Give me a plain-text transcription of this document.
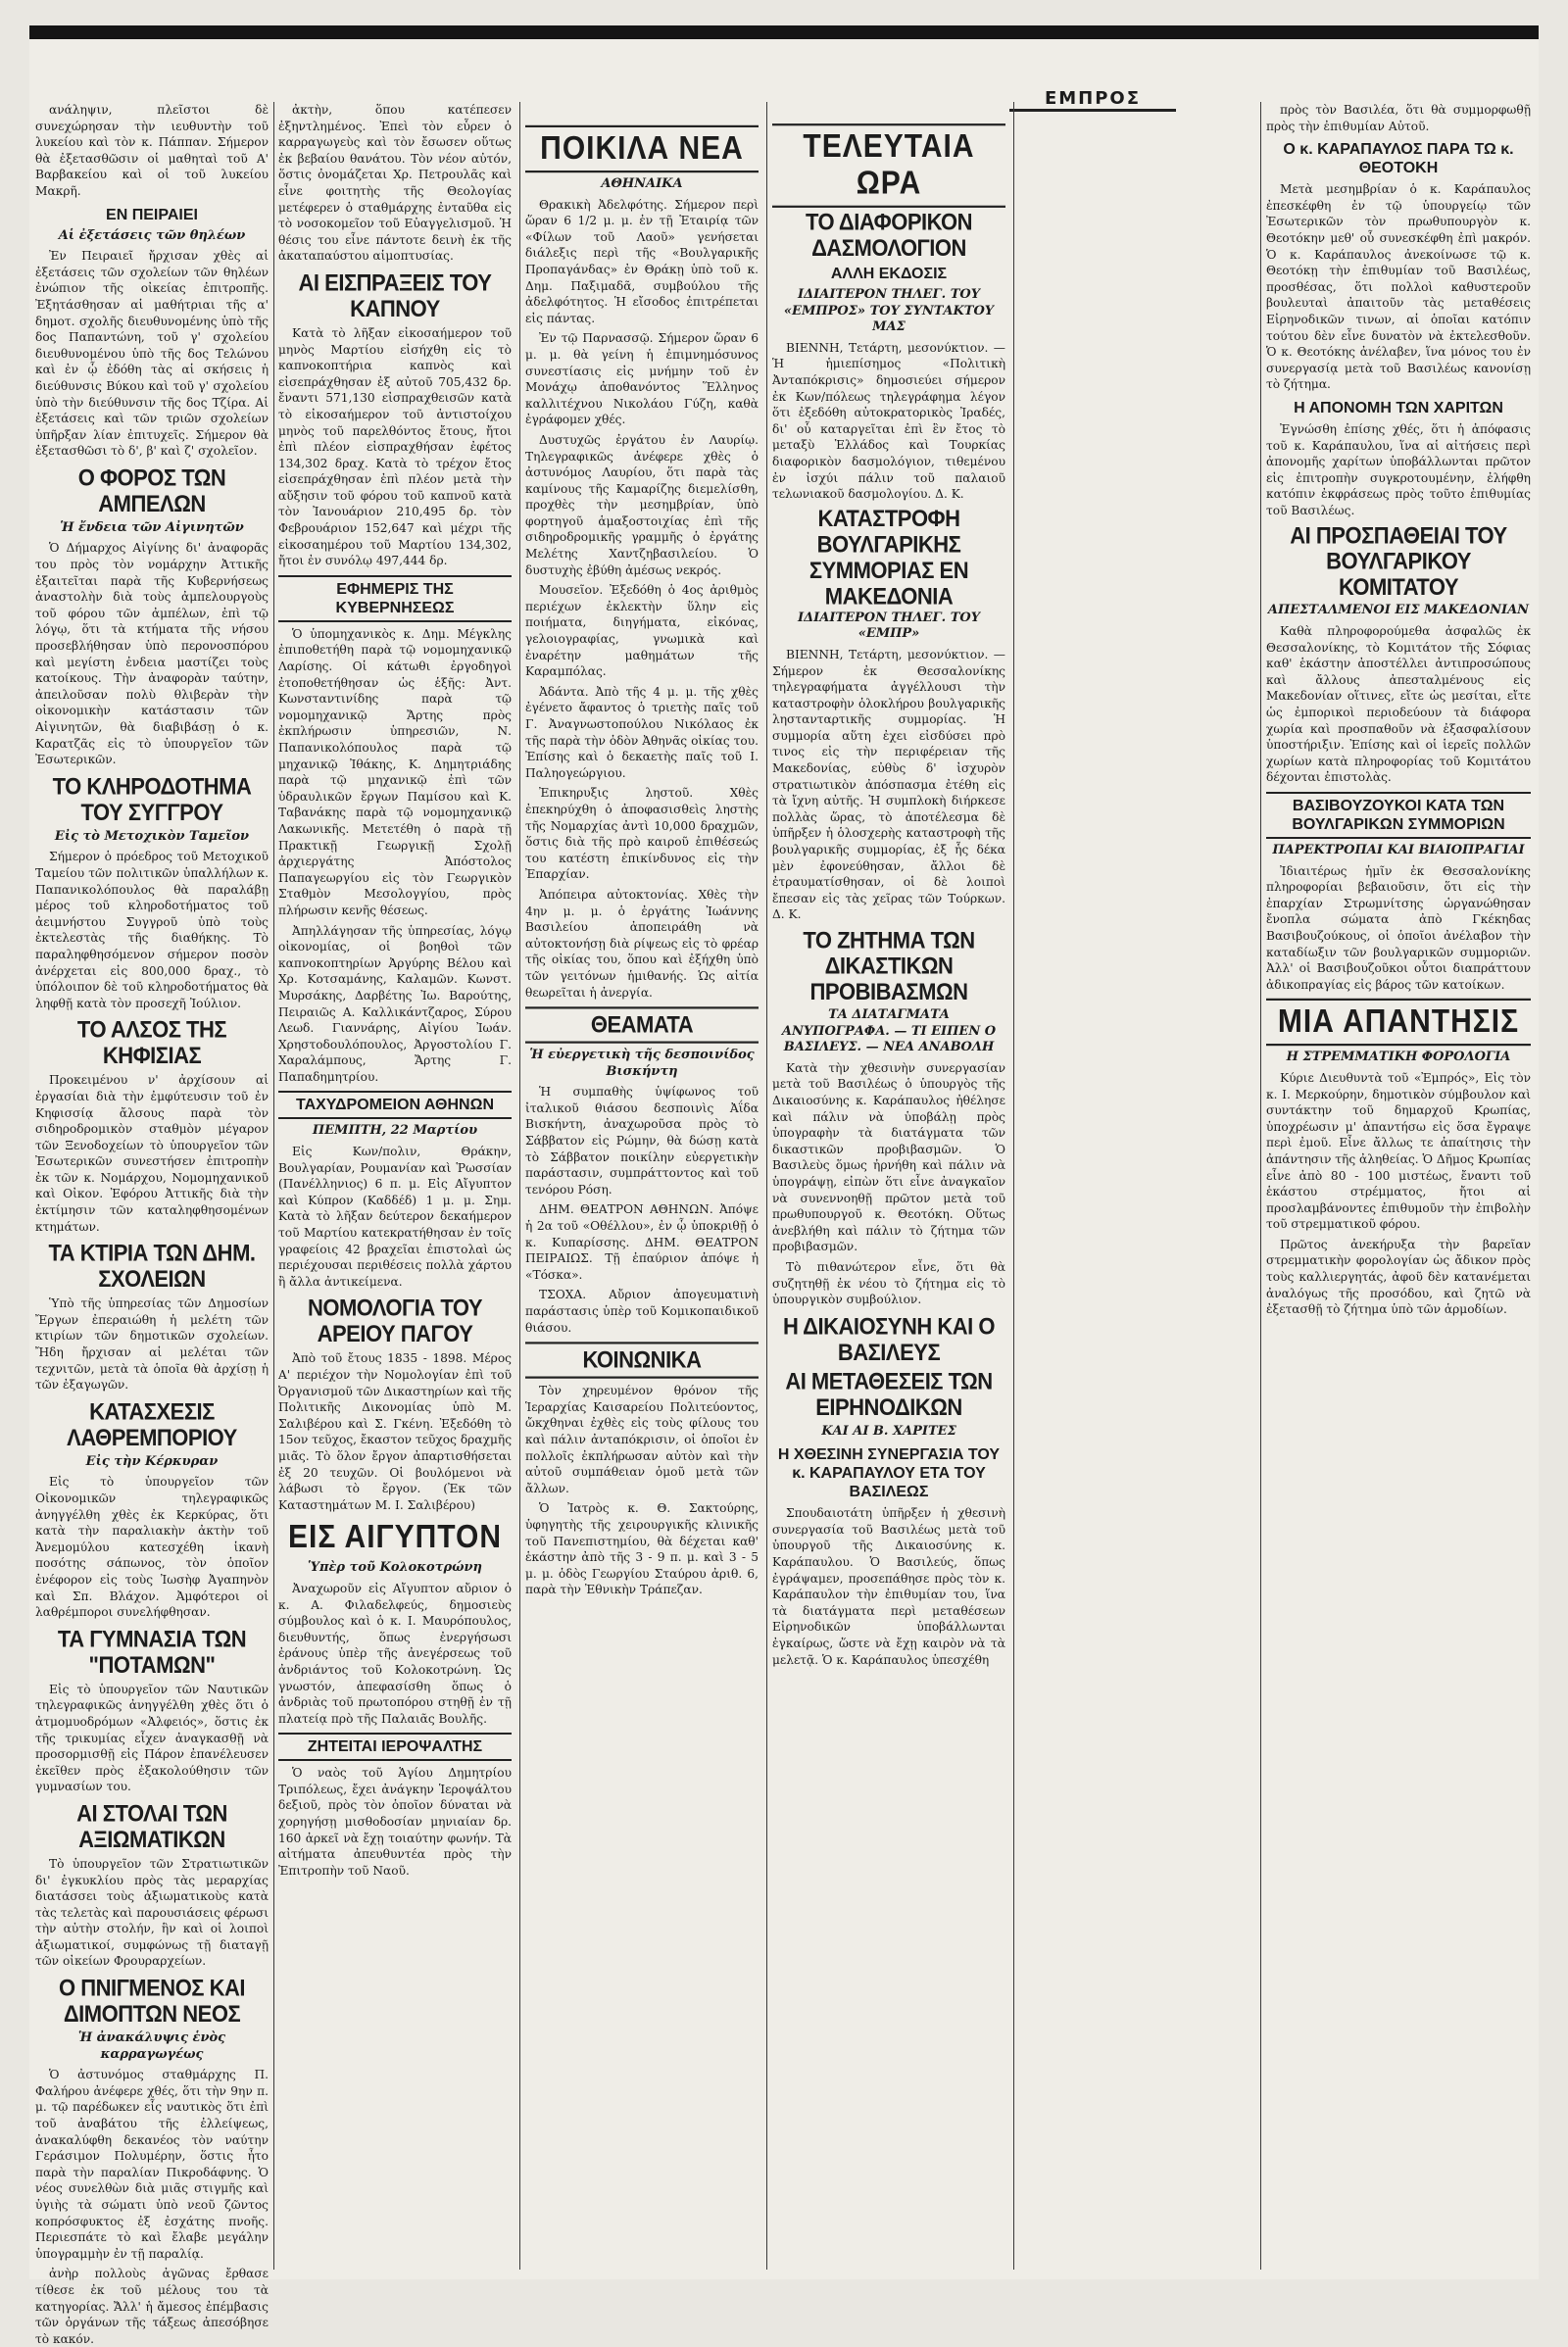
ΕΜΠΡΟΣ

ανάληψιν, πλεῖστοι δὲ συνεχώρησαν τὴν ιευθυντὴν τοῦ λυκείου καὶ τὸν κ. Πάππαν. Σήμερον θὰ ἐξετασθῶσιν οἱ μαθηταὶ τοῦ Α' Βαρβακείου καὶ οἱ τοῦ λυκείου Μακρῆ.

ΕΝ ΠΕΙΡΑΙΕΙ
Αἱ ἐξετάσεις τῶν θηλέων

Ἐν Πειραιεῖ ἤρχισαν χθὲς αἱ ἐξετάσεις τῶν σχολείων τῶν θηλέων ἐνώπιον τῆς οἰκείας ἐπιτροπῆς. Ἐξητάσθησαν αἱ μαθήτριαι τῆς α' δημοτ. σχολῆς διευθυνομένης ὑπὸ τῆς δος Παπαντώνη, τοῦ γ' σχολείου διευθυνομένου ὑπὸ τῆς δος Τελώνου καὶ ἐν ᾧ ἐδόθη τὰς αἱ σκήσεις ἡ διεύθυνσις Βύκου καὶ τοῦ γ' σχολείου ὑπὸ τὴν διεύθυνσιν τῆς δος Τζίρα. Αἱ ἐξετάσεις καὶ τῶν τριῶν σχολείων ὑπῆρξαν λίαν ἐπιτυχεῖς. Σήμερον θὰ ἐξετασθῶσι τὸ δ', β' καὶ ζ' σχολεῖον.

Ο ΦΟΡΟΣ ΤΩΝ ΑΜΠΕΛΩΝ
Ἡ ἔνδεια τῶν Αἰγινητῶν

Ὁ Δήμαρχος Αἰγίνης δι' ἀναφορᾶς του πρὸς τὸν νομάρχην Ἀττικῆς ἐξαιτεῖται παρὰ τῆς Κυβερνήσεως ἀναστολὴν διὰ τοὺς ἀμπελουργοὺς τοῦ φόρου τῶν ἀμπέλων, ἐπὶ τῷ λόγῳ, ὅτι τὰ κτήματα τῆς νήσου προσεβλήθησαν ὑπὸ περονοσπόρου καὶ μεγίστη ἐνδεια μαστίζει τοὺς κατοίκους. Τὴν ἀναφορὰν ταύτην, ἀπειλοῦσαν πολὺ θλιβερὰν τὴν οἰκονομικὴν κατάστασιν τῶν Αἰγινητῶν, θὰ διαβιβάσῃ ὁ κ. Καρατζᾶς εἰς τὸ ὑπουργεῖον τῶν Ἐσωτερικῶν.

ΤΟ ΚΛΗΡΟΔΟΤΗΜΑ ΤΟΥ ΣΥΓΓΡΟΥ
Εἰς τὸ Μετοχικὸν Ταμεῖον

Σήμερον ὁ πρόεδρος τοῦ Μετοχικοῦ Ταμείου τῶν πολιτικῶν ὑπαλλήλων κ. Παπανικολόπουλος θὰ παραλάβῃ μέρος τοῦ κληροδοτήματος τοῦ ἀειμνήστου Συγγροῦ ὑπὸ τοὺς ἐκτελεστὰς τῆς διαθήκης. Τὸ παραληφθησόμενον σήμερον ποσὸν ἀνέρχεται εἰς 800,000 δραχ., τὸ ὑπόλοιπον δὲ τοῦ κληροδοτήματος θὰ ληφθῇ κατὰ τὸν προσεχῆ Ἰούλιον.

ΤΟ ΑΛΣΟΣ ΤΗΣ ΚΗΦΙΣΙΑΣ

Προκειμένου ν' ἀρχίσουν αἱ ἐργασίαι διὰ τὴν ἐμφύτευσιν τοῦ ἐν Κηφισσίᾳ ἄλσους παρὰ τὸν σιδηροδρομικὸν σταθμὸν μέγαρον τῶν Ξενοδοχείων τὸ ὑπουργεῖον τῶν Ἐσωτερικῶν συνεστήσεν ἐπιτροπὴν ἐκ τῶν κ. Νομάρχου, Νομομηχανικοῦ καὶ Οἰκον. Ἐφόρου Ἀττικῆς διὰ τὴν ἐκτίμησιν τῶν καταληφθησομένων κτημάτων.

ΤΑ ΚΤΙΡΙΑ ΤΩΝ ΔΗΜ. ΣΧΟΛΕΙΩΝ

Ὑπὸ τῆς ὑπηρεσίας τῶν Δημοσίων Ἔργων ἐπεραιώθη ἡ μελέτη τῶν κτιρίων τῶν δημοτικῶν σχολείων. Ἤδη ἤρχισαν αἱ μελέται τῶν τεχνιτῶν, μετὰ τὰ ὁποῖα θὰ ἀρχίσῃ ἡ τῶν ἐξαγωγῶν.

ΚΑΤΑΣΧΕΣΙΣ ΛΑΘΡΕΜΠΟΡΙΟΥ
Εἰς τὴν Κέρκυραν

Εἰς τὸ ὑπουργεῖον τῶν Οἰκονομικῶν τηλεγραφικῶς ἀνηγγέλθη χθὲς ἐκ Κερκύρας, ὅτι κατὰ τὴν παραλιακὴν ἀκτὴν τοῦ Ἀνεμομύλου κατεσχέθη ἱκανὴ ποσότης σάπωνος, τὸν ὁποῖον ἐνέφορον εἰς τοὺς Ἰωσὴφ Ἀγαπηνὸν καὶ Σπ. Βλάχον. Ἀμφότεροι οἱ λαθρέμποροι συνελήφθησαν.

ΤΑ ΓΥΜΝΑΣΙΑ ΤΩΝ "ΠΟΤΑΜΩΝ"

Εἰς τὸ ὑπουργεῖον τῶν Ναυτικῶν τηλεγραφικῶς ἀνηγγέλθη χθὲς ὅτι ὁ ἀτμομυοδρόμων «Ἀλφειός», ὅστις ἐκ τῆς τρικυμίας εἶχεν ἀναγκασθῇ νὰ προσορμισθῇ εἰς Πάρον ἐπανέλευσεν ἐκεῖθεν πρὸς ἐξακολούθησιν τῶν γυμνασίων του.

ΑΙ ΣΤΟΛΑΙ ΤΩΝ ΑΞΙΩΜΑΤΙΚΩΝ

Τὸ ὑπουργεῖον τῶν Στρατιωτικῶν δι' ἐγκυκλίου πρὸς τὰς μεραρχίας διατάσσει τοὺς ἀξιωματικοὺς κατὰ τὰς τελετὰς καὶ παρουσιάσεις φέρωσι τὴν αὐτὴν στολήν, ἣν καὶ οἱ λοιποὶ ἀξιωματικοί, συμφώνως τῇ διαταγῇ τῶν οἰκείων Φρουραρχείων.

Ο ΠΝΙΓΜΕΝΟΣ ΚΑΙ ΔΙΜΟΠΤΩΝ ΝΕΟΣ
Ἡ ἀνακάλυψις ἑνὸς καρραγωγέως

Ὁ ἀστυνόμος σταθμάρχης Π. Φαλήρου ἀνέφερε χθές, ὅτι τὴν 9ην π. μ. τῷ παρέδωκεν εἷς ναυτικὸς ὅτι ἐπὶ τοῦ ἀναβάτου τῆς ἐλλείψεως, ἀνακαλύφθη δεκανέος τὸν ναύτην Γεράσιμον Πολυμέρην, ὅστις ἦτο παρὰ τὴν παραλίαν Πικροδάφνης. Ὁ νέος συνελθὼν διὰ μιᾶς στιγμῆς καὶ ὑγιὴς τὰ σώματι ὑπὸ νεοῦ ζῶντος κοπρόσφυκτος ἐξ ἐσχάτης πνοῆς. Περιεσπάτε τὸ καὶ ἔλαβε μεγάλην ὑπογραμμὴν ἐν τῇ παραλίᾳ.

ἀνὴρ πολλοὺς ἀγῶνας ἔρθασε τίθεσε ἐκ τοῦ μέλους του τὰ κατηγορίας. Ἄλλ' ἡ ἄμεσος ἐπέμβασις τῶν ὀργάνων τῆς τάξεως ἀπεσόβησε τὸ κακόν.

ἀκτὴν, ὅπου κατέπεσεν ἐξηντλημένος. Ἐπεὶ τὸν εὗρεν ὁ καρραγωγεὺς καὶ τὸν ἔσωσεν οὕτως ἐκ βεβαίου θανάτου. Τὸν νέον αὐτόν, ὅστις ὀνομάζεται Χρ. Πετρουλᾶς καὶ εἶνε φοιτητὴς τῆς Θεολογίας μετέφερεν ὁ σταθμάρχης ἐνταῦθα εἰς τὸ νοσοκομεῖον τοῦ Εὐαγγελισμοῦ. Ἡ θέσις του εἶνε πάντοτε δεινὴ ἐκ τῆς ἀκαταπαύστου αἱμοπτυσίας.

ΑΙ ΕΙΣΠΡΑΞΕΙΣ ΤΟΥ ΚΑΠΝΟΥ

Κατὰ τὸ λῆξαν εἰκοσαήμερον τοῦ μηνὸς Μαρτίου εἰσήχθη εἰς τὸ καπνοκοπτήρια καπνὸς καὶ εἰσεπράχθησαν ἐξ αὐτοῦ 705,432 δρ. ἔναντι 571,130 εἰσπραχθεισῶν κατὰ τὸ εἰκοσαήμερον τοῦ ἀντιστοίχου μηνὸς τοῦ παρελθόντος ἔτους, ἤτοι ἐπὶ πλέον εἰσπραχθήσαν ἐφέτος 134,302 δραχ. Κατὰ τὸ τρέχον ἔτος εἰσεπράχθησαν ἐπὶ πλέον μετὰ τὴν αὔξησιν τοῦ φόρου τοῦ καπνοῦ κατὰ τὸν Ἰανουάριον 210,495 δρ. τὸν Φεβρουάριον 152,647 καὶ μέχρι τῆς εἰκοσαημέρου τοῦ Μαρτίου 134,302, ἤτοι ἐν συνόλῳ 497,444 δρ.

ΕΦΗΜΕΡΙΣ ΤΗΣ ΚΥΒΕΡΝΗΣΕΩΣ

Ὁ ὑπομηχανικὸς κ. Δημ. Μέγκλης ἐπιποθετήθη παρὰ τῷ νομομηχανικῷ Λαρίσης. Οἱ κάτωθι ἐργοδηγοὶ ἐτοποθετήθησαν ὡς ἑξῆς: Ἀντ. Κωνσταντινίδης παρὰ τῷ νομομηχανικῷ Ἄρτης πρὸς ἐκπλήρωσιν ὑπηρεσιῶν, Ν. Παπανικολόπουλος παρὰ τῷ μηχανικῷ Ἰθάκης, Κ. Δημητριάδης παρὰ τῷ μηχανικῷ ἐπὶ τῶν ὑδραυλικῶν ἔργων Παμίσου καὶ Κ. Ταβανάκης παρὰ τῷ νομομηχανικῷ Λακωνικῆς. Μετετέθη ὁ παρὰ τῇ Πρακτικῇ Γεωργικῇ Σχολῇ ἀρχιεργάτης Ἀπόστολος Παπαγεωργίου εἰς τὸν Γεωργικὸν Σταθμὸν Μεσολογγίου, πρὸς πλήρωσιν κενῆς θέσεως.

Ἀπηλλάγησαν τῆς ὑπηρεσίας, λόγῳ οἰκονομίας, οἱ βοηθοὶ τῶν καπνοκοπτηρίων Ἀργύρης Βέλου καὶ Χρ. Κοτσαμάνης, Καλαμῶν. Κωνστ. Μυρσάκης, Δαρβέτης Ἰω. Βαρούτης, Πειραιῶς Α. Καλλικάντζαρος, Σύρου Λεωδ. Γιαννάρης, Αἰγίου Ἰωάν. Χρηστοδουλόπουλος, Ἀργοστολίου Γ. Χαραλάμπους, Ἄρτης Γ. Παπαδημητρίου.

ΤΑΧΥΔΡΟΜΕΙΟΝ ΑΘΗΝΩΝ
ΠΕΜΠΤΗ, 22 Μαρτίου

Εἰς Κων/πολιν, Θράκην, Βουλγαρίαν, Ρουμανίαν καὶ Ῥωσσίαν (Πανέλληνιος) 6 π. μ. Εἰς Αἴγυπτον καὶ Κύπρον (Καδδέδ) 1 μ. μ. Σημ. Κατὰ τὸ λῆξαν δεύτερον δεκαήμερον τοῦ Μαρτίου κατεκρατήθησαν ἐν τοῖς γραφείοις 42 βραχεῖαι ἐπιστολαὶ ὡς περιέχουσαι περιθέσεις πολλὰ χάρτου ἢ ἄλλα ἀντικείμενα.

ΝΟΜΟΛΟΓΙΑ ΤΟΥ ΑΡΕΙΟΥ ΠΑΓΟΥ

Ἀπὸ τοῦ ἔτους 1835 - 1898. Μέρος Α' περιέχον τὴν Νομολογίαν ἐπὶ τοῦ Ὀργανισμοῦ τῶν Δικαστηρίων καὶ τῆς Πολιτικῆς Δικονομίας ὑπὸ Μ. Σαλιβέρου καὶ Σ. Γκένη. Ἐξεδόθη τὸ 15ον τεῦχος, ἔκαστον τεῦχος δραχμῆς μιᾶς. Τὸ ὅλον ἔργον ἀπαρτισθήσεται ἐξ 20 τευχῶν. Οἱ βουλόμενοι νὰ λάβωσι τὸ ἔργον. (Ἐκ τῶν Καταστημάτων Μ. Ι. Σαλιβέρου)

ΕΙΣ ΑΙΓΥΠΤΟΝ
Ὑπὲρ τοῦ Κολοκοτρώνη

Ἀναχωροῦν εἰς Αἴγυπτον αὔριον ὁ κ. Α. Φιλαδελφεύς, δημοσιεὺς σύμβουλος καὶ ὁ κ. Ι. Μαυρόπουλος, διευθυντής, ὅπως ἐνεργήσωσι ἐράνους ὑπὲρ τῆς ἀνεγέρσεως τοῦ ἀνδριάντος τοῦ Κολοκοτρώνη. Ὡς γνωστόν, ἀπεφασίσθη ὅπως ὁ ἀνδριὰς τοῦ πρωτοπόρου στηθῇ ἐν τῇ πλατείᾳ πρὸ τῆς Παλαιᾶς Βουλῆς.

ΖΗΤΕΙΤΑΙ ΙΕΡΟΨΑΛΤΗΣ

Ὁ ναὸς τοῦ Ἁγίου Δημητρίου Τριπόλεως, ἔχει ἀνάγκην Ἱεροψάλτου δεξιοῦ, πρὸς τὸν ὁποῖον δύναται νὰ χορηγήσῃ μισθοδοσίαν μηνιαίαν δρ. 160 ἀρκεῖ νὰ ἔχῃ τοιαύτην φωνήν. Τὰ αἰτήματα ἀπευθυντέα πρὸς τὴν Ἐπιτροπὴν τοῦ Ναοῦ.

ΠΟΙΚΙΛΑ ΝΕΑ
ΑΘΗΝΑΙΚΑ

Θρακικὴ Ἀδελφότης. Σήμερον περὶ ὥραν 6 1/2 μ. μ. ἐν τῇ Ἑταιρίᾳ τῶν «Φίλων τοῦ Λαοῦ» γενήσεται διάλεξις περὶ τῆς «Βουλγαρικῆς Προπαγάνδας» ἐν Θράκῃ ὑπὸ τοῦ κ. Δημ. Παξιμαδᾶ, συμβούλου τῆς ἀδελφότητος. Ἡ εἴσοδος ἐπιτρέπεται εἰς πάντας.

Ἐν τῷ Παρνασσῷ. Σήμερον ὥραν 6 μ. μ. θὰ γείνη ἡ ἐπιμνημόσυνος συνεστίασις εἰς μνήμην τοῦ ἐν Μονάχῳ ἀποθανόντος Ἕλληνος καλλιτέχνου Νικολάου Γύζη, καθὰ ἐγράφομεν χθές.

Δυστυχῶς ἐργάτου ἐν Λαυρίῳ. Τηλεγραφικῶς ἀνέφερε χθὲς ὁ ἀστυνόμος Λαυρίου, ὅτι παρὰ τὰς καμίνους τῆς Καμαρίζης διεμελίσθη, προχθὲς τὴν μεσημβρίαν, ὑπὸ φορτηγοῦ ἁμαξοστοιχίας ἐπὶ τῆς σιδηροδρομικῆς γραμμῆς ὁ ἐργάτης Μελέτης Χαντζηβασιλείου. Ὁ δυστυχὴς ἐβύθη ἀμέσως νεκρός.

Μουσεῖον. Ἐξεδόθη ὁ 4ος ἀριθμὸς περιέχων ἐκλεκτὴν ὕλην εἰς ποιήματα, διηγήματα, εἰκόνας, γελοιογραφίας, γνωμικὰ καὶ ἐναρέτην μαθημάτων τῆς Καραμπόλας.

Ἀδάντα. Ἀπὸ τῆς 4 μ. μ. τῆς χθὲς ἐγένετο ἄφαντος ὁ τριετὴς παῖς τοῦ Γ. Ἀναγνωστοπούλου Νικόλαος ἐκ τῆς παρὰ τὴν ὁδὸν Ἀθηνᾶς οἰκίας του. Ἐπίσης καὶ ὁ δεκαετὴς παῖς τοῦ Ι. Παληογεώργιου.

Ἐπικηρυξις ληστοῦ. Χθὲς ἐπεκηρύχθη ὁ ἀποφασισθεὶς ληστὴς τῆς Νομαρχίας ἀντὶ 10,000 δραχμῶν, ὅστις διὰ τῆς πρὸ καιροῦ ἐπιθέσεώς του κατέστη ἐπικίνδυνος εἰς τὴν Ἐπαρχίαν.

Ἀπόπειρα αὐτοκτονίας. Χθὲς τὴν 4ην μ. μ. ὁ ἐργάτης Ἰωάννης Βασιλείου ἀποπειράθη νὰ αὐτοκτονήσῃ διὰ ρίψεως εἰς τὸ φρέαρ τῆς οἰκίας του, ὅπου καὶ ἐξήχθη ὑπὸ τῶν γειτόνων ἡμιθανής. Ὡς αἰτία θεωρεῖται ἡ ἀνεργία.

ΘΕΑΜΑΤΑ
Ἡ εὐεργετικὴ τῆς δεσποινίδος Βισκήντη

Ἡ συμπαθὴς ὑψίφωνος τοῦ ἰταλικοῦ θιάσου δεσποινὶς Ἀΐδα Βισκήντη, ἀναχωροῦσα πρὸς τὸ Σάββατον εἰς Ρώμην, θὰ δώσῃ κατὰ τὸ Σάββατον ποικίλην εὐεργετικὴν παράστασιν, συμπράττοντος καὶ τοῦ τενόρου Ρόση.

ΔΗΜ. ΘΕΑΤΡΟΝ ΑΘΗΝΩΝ. Ἀπόψε ἡ 2α τοῦ «Οθέλλου», ἐν ᾧ ὑποκριθῇ ὁ κ. Κυπαρίσσης. ΔΗΜ. ΘΕΑΤΡΟΝ ΠΕΙΡΑΙΩΣ. Τῇ ἐπαύριον ἀπόψε ἡ «Τόσκα».

ΤΣΟΧΑ. Αὔριον ἀπογευματινὴ παράστασις ὑπὲρ τοῦ Κομικοπαιδικοῦ θιάσου.

ΚΟΙΝΩΝΙΚΑ

Τὸν χηρευμένον θρόνον τῆς Ἱεραρχίας Καισαρείου Πολιτεύοντος, ὤκχθηναι ἐχθὲς εἰς τοὺς φίλους του καὶ πάλιν ἀνταπόκρισιν, οἱ ὁποῖοι ἐν πολλοῖς ἐκπλήρωσαν αὐτὸν καὶ τὴν αὐτοῦ συμπάθειαν ὁμοῦ μετὰ τῶν ἄλλων.

Ὁ Ἰατρὸς κ. Θ. Σακτούρης, ὑφηγητὴς τῆς χειρουργικῆς κλινικῆς τοῦ Πανεπιστημίου, θὰ δέχεται καθ' ἑκάστην ἀπὸ τῆς 3 - 9 π. μ. καὶ 3 - 5 μ. μ. ὁδὸς Γεωργίου Σταύρου ἀριθ. 6, παρὰ τὴν Ἐθνικὴν Τράπεζαν.

ΤΕΛΕΥΤΑΙΑ ΩΡΑ
ΤΟ ΔΙΑΦΟΡΙΚΟΝ ΔΑΣΜΟΛΟΓΙΟΝ
ΑΛΛΗ ΕΚΔΟΣΙΣ
ΙΔΙΑΙΤΕΡΟΝ ΤΗΛΕΓ. ΤΟΥ «ΕΜΠΡΟΣ» ΤΟΥ ΣΥΝΤΑΚΤΟΥ ΜΑΣ

ΒΙΕΝΝΗ, Τετάρτη, μεσονύκτιον. — Ἡ ἡμιεπίσημος «Πολιτικὴ Ἀνταπόκρισις» δημοσιεύει σήμερον ἐκ Κων/πόλεως τηλεγράφημα λέγον ὅτι ἐξεδόθη αὐτοκρατορικὸς Ἰραδές, δι' οὗ καταργεῖται ἐπὶ ἓν ἔτος τὸ μεταξὺ Ἑλλάδος καὶ Τουρκίας διαφορικὸν δασμολόγιον, τιθεμένου ἐν ἰσχύι πάλιν τοῦ παλαιοῦ τελωνιακοῦ δασμολογίου. Δ. Κ.

ΚΑΤΑΣΤΡΟΦΗ ΒΟΥΛΓΑΡΙΚΗΣ ΣΥΜΜΟΡΙΑΣ ΕΝ ΜΑΚΕΔΟΝΙΑ
ΙΔΙΑΙΤΕΡΟΝ ΤΗΛΕΓ. ΤΟΥ «ΕΜΠΡ»

ΒΙΕΝΝΗ, Τετάρτη, μεσονύκτιον. — Σήμερον ἐκ Θεσσαλονίκης τηλεγραφήματα ἀγγέλλουσι τὴν καταστροφὴν ὁλοκλήρου βουλγαρικῆς ληστανταρτικῆς συμμορίας. Ἡ συμμορία αὕτη ἐχει εἰσδύσει πρὸ τινος εἰς τὴν περιφέρειαν τῆς Μακεδονίας, εὐθὺς δ' ἰσχυρὸν στρατιωτικὸν ἀπόσπασμα ἐτέθη εἰς τὰ ἴχνη αὐτῆς. Ἡ συμπλοκὴ διήρκεσε πολλὰς ὥρας, τὸ ἀποτέλεσμα δὲ ὑπῆρξεν ἡ ὁλοσχερὴς καταστροφὴ τῆς βουλγαρικῆς συμμορίας, ἐξ ἧς δέκα μὲν ἐφονεύθησαν, ἄλλοι δὲ ἐτραυματίσθησαν, οἱ δὲ λοιποὶ ἔπεσαν εἰς τὰς χεῖρας τῶν Τούρκων. Δ. Κ.

ΤΟ ΖΗΤΗΜΑ ΤΩΝ ΔΙΚΑΣΤΙΚΩΝ ΠΡΟΒΙΒΑΣΜΩΝ
ΤΑ ΔΙΑΤΑΓΜΑΤΑ ΑΝΥΠΟΓΡΑΦΑ. — ΤΙ ΕΙΠΕΝ Ο ΒΑΣΙΛΕΥΣ. — ΝΕΑ ΑΝΑΒΟΛΗ

Κατὰ τὴν χθεσινὴν συνεργασίαν μετὰ τοῦ Βασιλέως ὁ ὑπουργὸς τῆς Δικαιοσύνης κ. Καράπαυλος ἠθέλησε καὶ πάλιν νὰ ὑποβάλῃ πρὸς ὑπογραφὴν τὰ διατάγματα τῶν δικαστικῶν προβιβασμῶν. Ὁ Βασιλεὺς ὅμως ἠρνήθη καὶ πάλιν νὰ ὑπογράψῃ, εἰπὼν ὅτι εἶνε ἀναγκαῖον νὰ συνεννοηθῇ πρῶτον μετὰ τοῦ πρωθυπουργοῦ κ. Θεοτόκη. Οὕτως ἀνεβλήθη καὶ πάλιν τὸ ζήτημα τῶν προβιβασμῶν.

Τὸ πιθανώτερον εἶνε, ὅτι θὰ συζητηθῇ ἐκ νέου τὸ ζήτημα εἰς τὸ ὑπουργικὸν συμβούλιον.

Η ΔΙΚΑΙΟΣΥΝΗ ΚΑΙ Ο ΒΑΣΙΛΕΥΣ
ΑΙ ΜΕΤΑΘΕΣΕΙΣ ΤΩΝ ΕΙΡΗΝΟΔΙΚΩΝ
ΚΑΙ ΑΙ Β. ΧΑΡΙΤΕΣ
Η ΧΘΕΣΙΝΗ ΣΥΝΕΡΓΑΣΙΑ ΤΟΥ κ. ΚΑΡΑΠΑΥΛΟΥ ΕΤΑ ΤΟΥ ΒΑΣΙΛΕΩΣ

Σπουδαιοτάτη ὑπῆρξεν ἡ χθεσινὴ συνεργασία τοῦ Βασιλέως μετὰ τοῦ ὑπουργοῦ τῆς Δικαιοσύνης κ. Καράπαυλου. Ὁ Βασιλεύς, ὅπως ἐγράψαμεν, προσεπάθησε πρὸς τὸν κ. Καράπαυλον τὴν ἐπιθυμίαν του, ἵνα τὰ διατάγματα περὶ μεταθέσεων Εἰρηνοδικῶν ὑποβάλλωνται ἐγκαίρως, ὥστε νὰ ἔχῃ καιρὸν νὰ τὰ μελετᾷ. Ὁ κ. Καράπαυλος ὑπεσχέθη

πρὸς τὸν Βασιλέα, ὅτι θὰ συμμορφωθῇ πρὸς τὴν ἐπιθυμίαν Αὐτοῦ.

Ο κ. ΚΑΡΑΠΑΥΛΟΣ ΠΑΡΑ ΤΩ κ. ΘΕΟΤΟΚΗ

Μετὰ μεσημβρίαν ὁ κ. Καράπαυλος ἐπεσκέφθη ἐν τῷ ὑπουργείῳ τῶν Ἐσωτερικῶν τὸν πρωθυπουργὸν κ. Θεοτόκην μεθ' οὗ συνεσκέφθη ἐπὶ μακρόν. Ὁ κ. Καράπαυλος ἀνεκοίνωσε τῷ κ. Θεοτόκῃ τὴν ἐπιθυμίαν τοῦ Βασιλέως, προσθέσας, ὅτι πολλοὶ καθυστεροῦν βουλευταὶ ἀπαιτοῦν τὰς μεταθέσεις Εἰρηνοδικῶν τινων, αἱ ὁποῖαι κατόπιν τούτου δὲν εἶνε δυνατὸν νὰ ἐκτελεσθοῦν. Ὁ κ. Θεοτόκης ἀνέλαβεν, ἵνα μόνος του ἐν συνεργασίᾳ μετὰ τοῦ Βασιλέως κανονίσῃ τὸ ζήτημα.

Η ΑΠΟΝΟΜΗ ΤΩΝ ΧΑΡΙΤΩΝ

Ἐγνώσθη ἐπίσης χθές, ὅτι ἡ ἀπόφασις τοῦ κ. Καράπαυλου, ἵνα αἱ αἰτήσεις περὶ ἀπονομῆς χαρίτων ὑποβάλλωνται πρῶτον εἰς ἐπιτροπὴν συγκροτουμένην, ἐλήφθη κατόπιν ἐκφράσεως πρὸς τοῦτο ἐπιθυμίας τοῦ Βασιλέως.

ΑΙ ΠΡΟΣΠΑΘΕΙΑΙ ΤΟΥ ΒΟΥΛΓΑΡΙΚΟΥ ΚΟΜΙΤΑΤΟΥ
ΑΠΕΣΤΑΛΜΕΝΟΙ ΕΙΣ ΜΑΚΕΔΟΝΙΑΝ

Καθὰ πληροφορούμεθα ἀσφαλῶς ἐκ Θεσσαλονίκης, τὸ Κομιτάτον τῆς Σόφιας καθ' ἑκάστην ἀποστέλλει ἀντιπροσώπους καὶ ἄλλους ἀπεσταλμένους εἰς Μακεδονίαν οἵτινες, εἴτε ὡς μεσίται, εἴτε ὡς ἐμπορικοὶ περιοδεύουν τὰ διάφορα χωρία καὶ προσπαθοῦν νὰ ἐξασφαλίσουν ὑποστήριξιν. Ἐπίσης καὶ οἱ ἱερεῖς πολλῶν χωρίων κατὰ πληροφορίας τοῦ Κομιτάτου δέχονται ἐπιστολὰς.

ΒΑΣΙΒΟΥΖΟΥΚΟΙ ΚΑΤΑ ΤΩΝ ΒΟΥΛΓΑΡΙΚΩΝ ΣΥΜΜΟΡΙΩΝ
ΠΑΡΕΚΤΡΟΠΑΙ ΚΑΙ ΒΙΑΙΟΠΡΑΓΙΑΙ

Ἰδιαιτέρως ἡμῖν ἐκ Θεσσαλονίκης πληροφορίαι βεβαιοῦσιν, ὅτι εἰς τὴν ἐπαρχίαν Στρωμνίτσης ὡργανώθησαν ἔνοπλα σώματα ἀπὸ Γκέκηδας Βασιβουζούκους, οἱ ὁποῖοι ἀνέλαβον τὴν καταδίωξιν τῶν βουλγαρικῶν συμμοριῶν. Ἀλλ' οἱ Βασιβουζοῦκοι οὗτοι διαπράττουν ἀδικοπραγίας εἰς βάρος τῶν κατοίκων.

ΜΙΑ ΑΠΑΝΤΗΣΙΣ
Η ΣΤΡΕΜΜΑΤΙΚΗ ΦΟΡΟΛΟΓΙΑ

Κύριε Διευθυντὰ τοῦ «Ἐμπρός», Εἰς τὸν κ. Ι. Μερκούρην, δημοτικὸν σύμβουλον καὶ συντάκτην τοῦ δημαρχοῦ Κρωπίας, ὑποχρέωσιν μ' ἀπαντήσω εἰς ὅσα ἔγραψε περὶ ἐμοῦ. Εἶνε ἄλλως τε ἀπαίτησις τὴν ἀπάντησιν τῆς ἀληθείας. Ὁ Δῆμος Κρωπίας εἶνε ἀπὸ 80 - 100 μιστέως, ἔναντι τοῦ ἑκάστου στρέμματος, ἤτοι αἱ προσλαμβάνοντες ἐπιθυμοῦν τὴν ἐπιβολὴν τοῦ στρεμματικοῦ φόρου.

Πρῶτος ἀνεκήρυξα τὴν βαρεῖαν στρεμματικὴν φορολογίαν ὡς ἄδικον πρὸς τοὺς καλλιεργητάς, ἀφοῦ δὲν κατανέμεται ἀναλόγως τῆς προσόδου, καὶ ζητῶ νὰ ἐξετασθῇ τὸ ζήτημα ὑπὸ τῶν ἁρμοδίων.
